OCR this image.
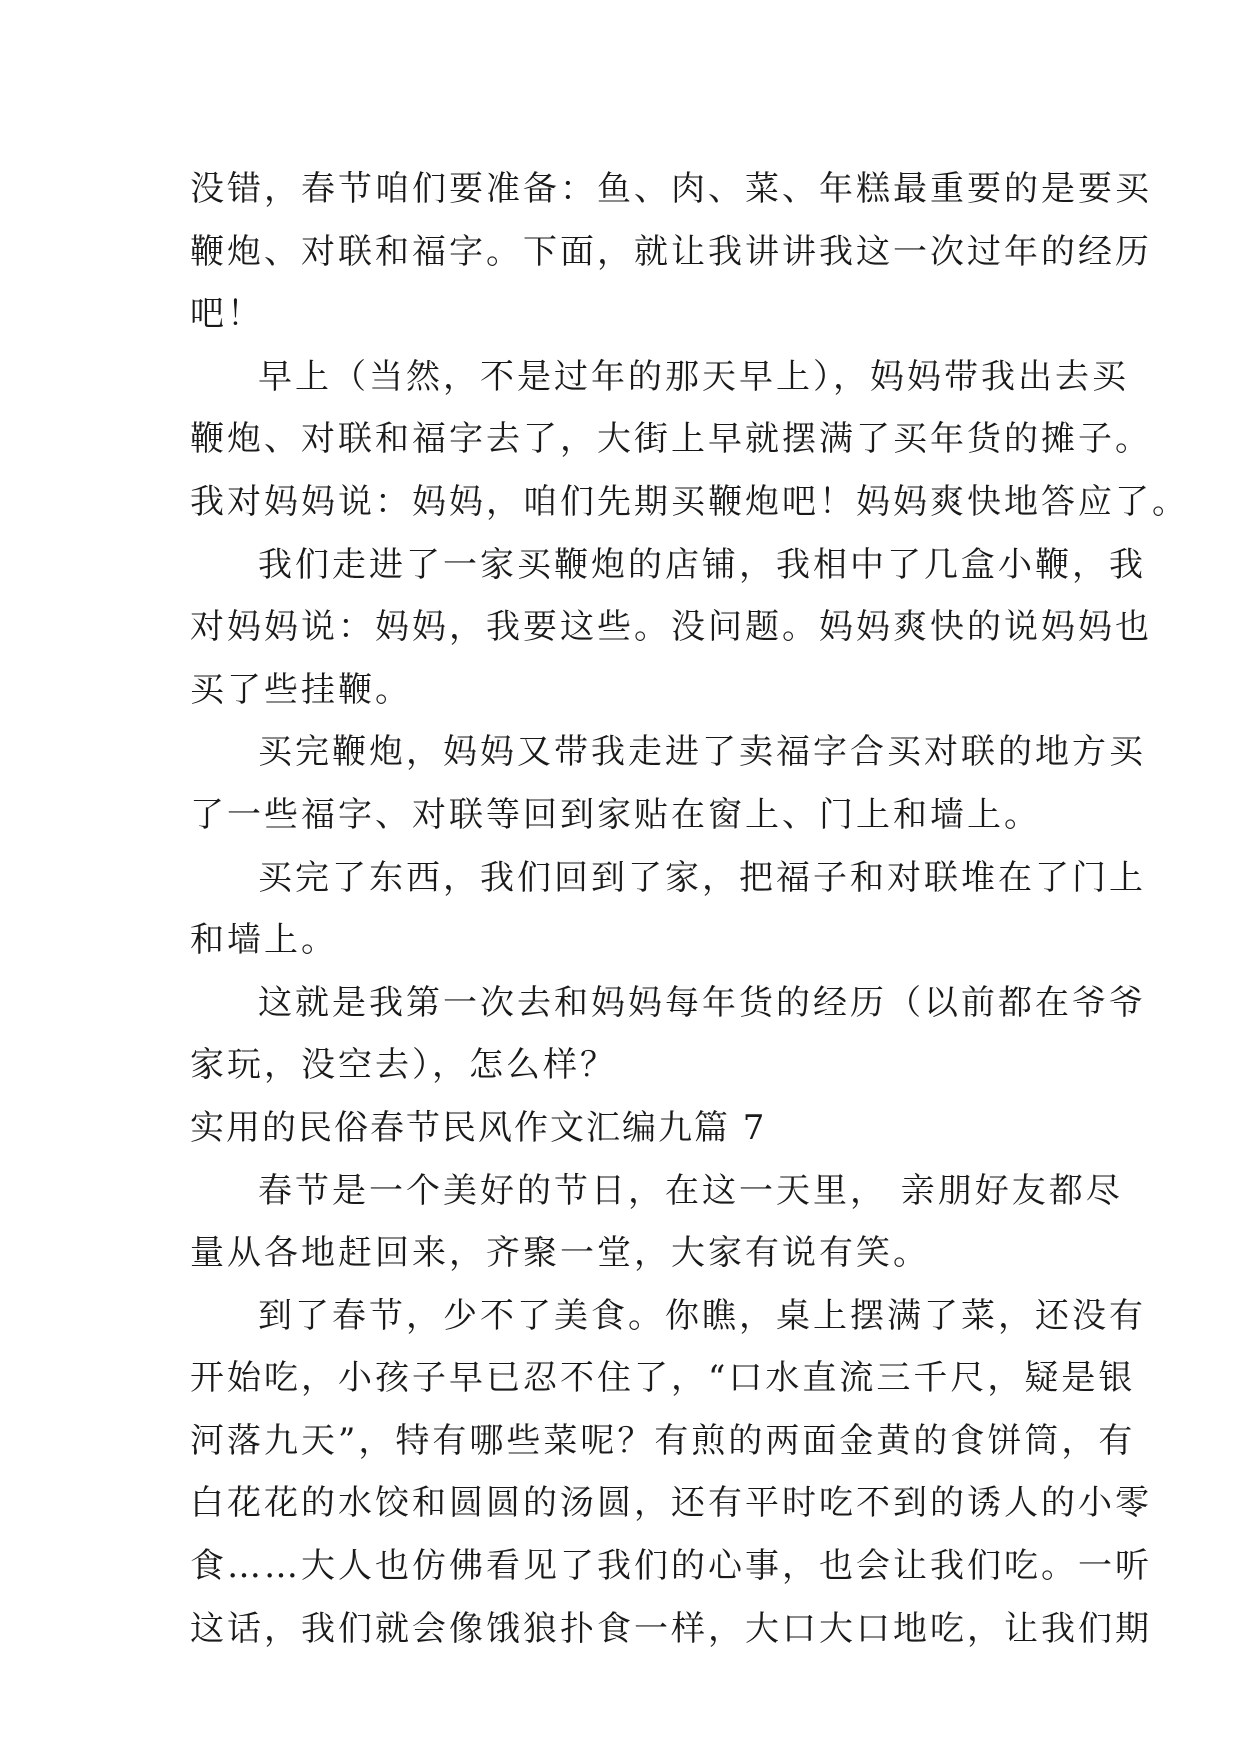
没错，春节咱们要准备：鱼、肉、菜、年糕最重要的是要买
鞭炮、对联和福字。下面，就让我讲讲我这一次过年的经历
吧！
早上（当然，不是过年的那天早上），妈妈带我出去买
鞭炮、对联和福字去了，大街上早就摆满了买年货的摊子。
我对妈妈说：妈妈，咱们先期买鞭炮吧！妈妈爽快地答应了。
我们走进了一家买鞭炮的店铺，我相中了几盒小鞭，我
对妈妈说：妈妈，我要这些。没问题。妈妈爽快的说妈妈也
买了些挂鞭。
买完鞭炮，妈妈又带我走进了卖福字合买对联的地方买
了一些福字、对联等回到家贴在窗上、门上和墙上。
买完了东西，我们回到了家，把福子和对联堆在了门上
和墙上。
这就是我第一次去和妈妈每年货的经历（以前都在爷爷
家玩，没空去），怎么样？
实用的民俗春节民风作文汇编九篇 7
春节是一个美好的节日，在这一天里， 亲朋好友都尽
量从各地赶回来，齐聚一堂，大家有说有笑。
到了春节，少不了美食。你瞧，桌上摆满了菜，还没有
开始吃，小孩子早已忍不住了，“口水直流三千尺，疑是银
河落九天”，特有哪些菜呢？有煎的两面金黄的食饼筒，有
白花花的水饺和圆圆的汤圆，还有平时吃不到的诱人的小零
食……大人也仿佛看见了我们的心事，也会让我们吃。一听
这话，我们就会像饿狼扑食一样，大口大口地吃，让我们期
